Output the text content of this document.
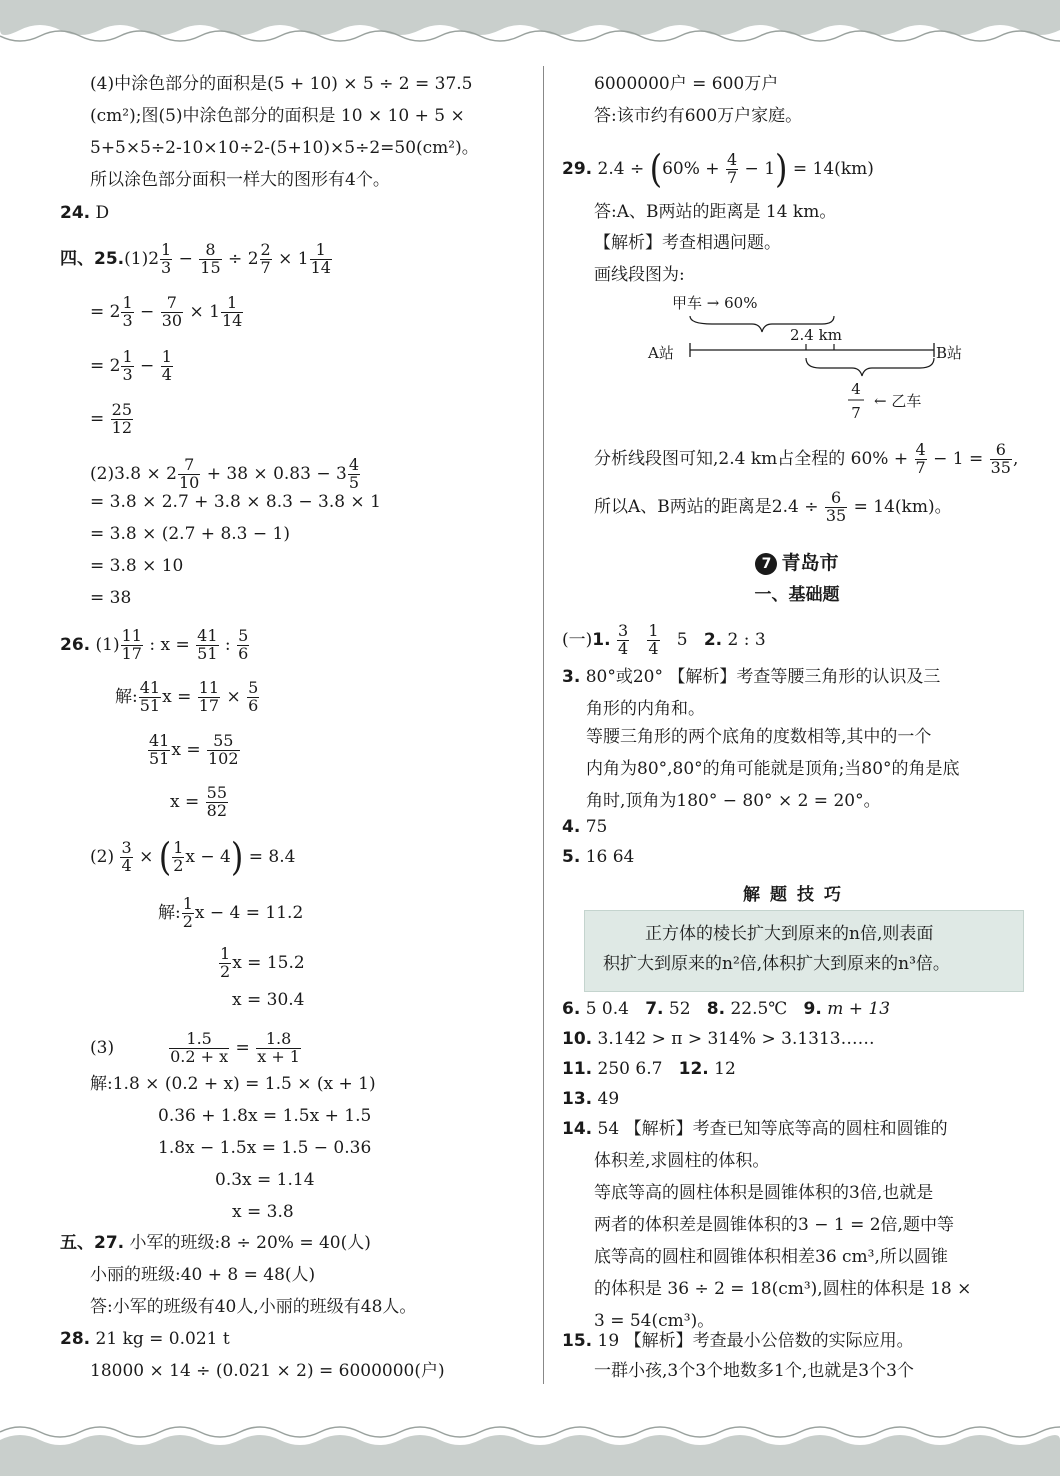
(4)中涂色部分的面积是(5 + 10) × 5 ÷ 2 = 37.5
(cm²);图(5)中涂色部分的面积是 10 × 10 + 5 ×
5+5×5÷2-10×10÷2-(5+10)×5÷2=50(cm²)。
所以涂色部分面积一样大的图形有4个。
24. D
四、$25.(1)2 \frac{1}{3} - \frac{8}{15} \div 2 \frac{2}{7} \times 1 \frac{1}{14}$
= $2 \frac{1}{3} - \frac{7}{30} \times 1 \frac{1}{14}$
= $2 \frac{1}{3} - \frac{1}{4}$
= $\frac{25}{12}$
$(2)3.8 \times 2 \frac{7}{10} + 38 \times 0.83 - 3 \frac{4}{5}$
= 3.8 × 2.7 + 3.8 × 8.3 − 3.8 × 1
= 3.8 × (2.7 + 8.3 − 1)
= 3.8 × 10
= 38
26. $(1) \frac{11}{17}$ : $x = \frac{41}{51}$ : $\frac{5}{6}$
解: $\frac{41}{51}$ $x = \frac{11}{17} \times \frac{5}{6}$
$\frac{41}{51}$ $x = \frac{55}{102}$
$x = \frac{55}{82}$
$(2) \frac{3}{4}$ × ( $\frac{1}{2}$ x − 4) = 8.4
解: $\frac{1}{2}$ x − 4 = 11.2
$\frac{1}{2}$ x = 15.2
x = 30.4
(3)	$\frac{1.5}{0.2 + x} = \frac{1.8}{x + 1}$
解:1.8 × (0.2 + x) = 1.5 × (x + 1)
0.36 + 1.8x = 1.5x + 1.5
1.8x − 1.5x = 1.5 − 0.36
0.3x = 1.14
x = 3.8
五、27. 小军的班级:8 ÷ 20% = 40(人)
小丽的班级:40 + 8 = 48(人)
答:小军的班级有40人,小丽的班级有48人。
28. 21 kg = 0.021 t
18000 × 14 ÷ (0.021 × 2) = 6000000(户)
6000000户 = 600万户
答:该市约有600万户家庭。
29. $2.4 \div (60\% + \frac{4}{7} - 1) = 14(km)$
答:A、B两站的距离是 14 km。
【解析】考查相遇问题。
画线段图为:
甲车 → 60%
2.4 km
A站	B站
4
7
← 乙车
分析线段图可知,2.4 km占全程的 $60\% + \frac{4}{7} - 1 = \frac{6}{35}$ ,
所以A、B两站的距离是$2.4 \div \frac{6}{35} = 14(km)$。
7 青岛市
一、基础题
(一)1. $\frac{3}{4}$
$\frac{1}{4} 5$ 2. 2 : 3
3. 80°或20° 【解析】考查等腰三角形的认识及三
角形的内角和。
等腰三角形的两个底角的度数相等,其中的一个
内角为80°,80°的角可能就是顶角;当80°的角是底
角时,顶角为180° − 80° × 2 = 20°。
4. 75
5. 16 64
解题技巧
正方体的棱长扩大到原来的n倍,则表面
积扩大到原来的n²倍,体积扩大到原来的n³倍。
6. 5 0.4 7. 52 8. 22.5℃ 9. m + 13
10. 3.142 > π > 314% > 3.1313……
11. 250 6.7 12. 12
13. 49
14. 54 【解析】考查已知等底等高的圆柱和圆锥的
体积差,求圆柱的体积。
等底等高的圆柱体积是圆锥体积的3倍,也就是
两者的体积差是圆锥体积的3 − 1 = 2倍,题中等
底等高的圆柱和圆锥体积相差36 cm³,所以圆锥
的体积是 36 ÷ 2 = 18(cm³),圆柱的体积是 18 ×
3 = 54(cm³)。
15. 19 【解析】考查最小公倍数的实际应用。
一群小孩,3个3个地数多1个,也就是3个3个
